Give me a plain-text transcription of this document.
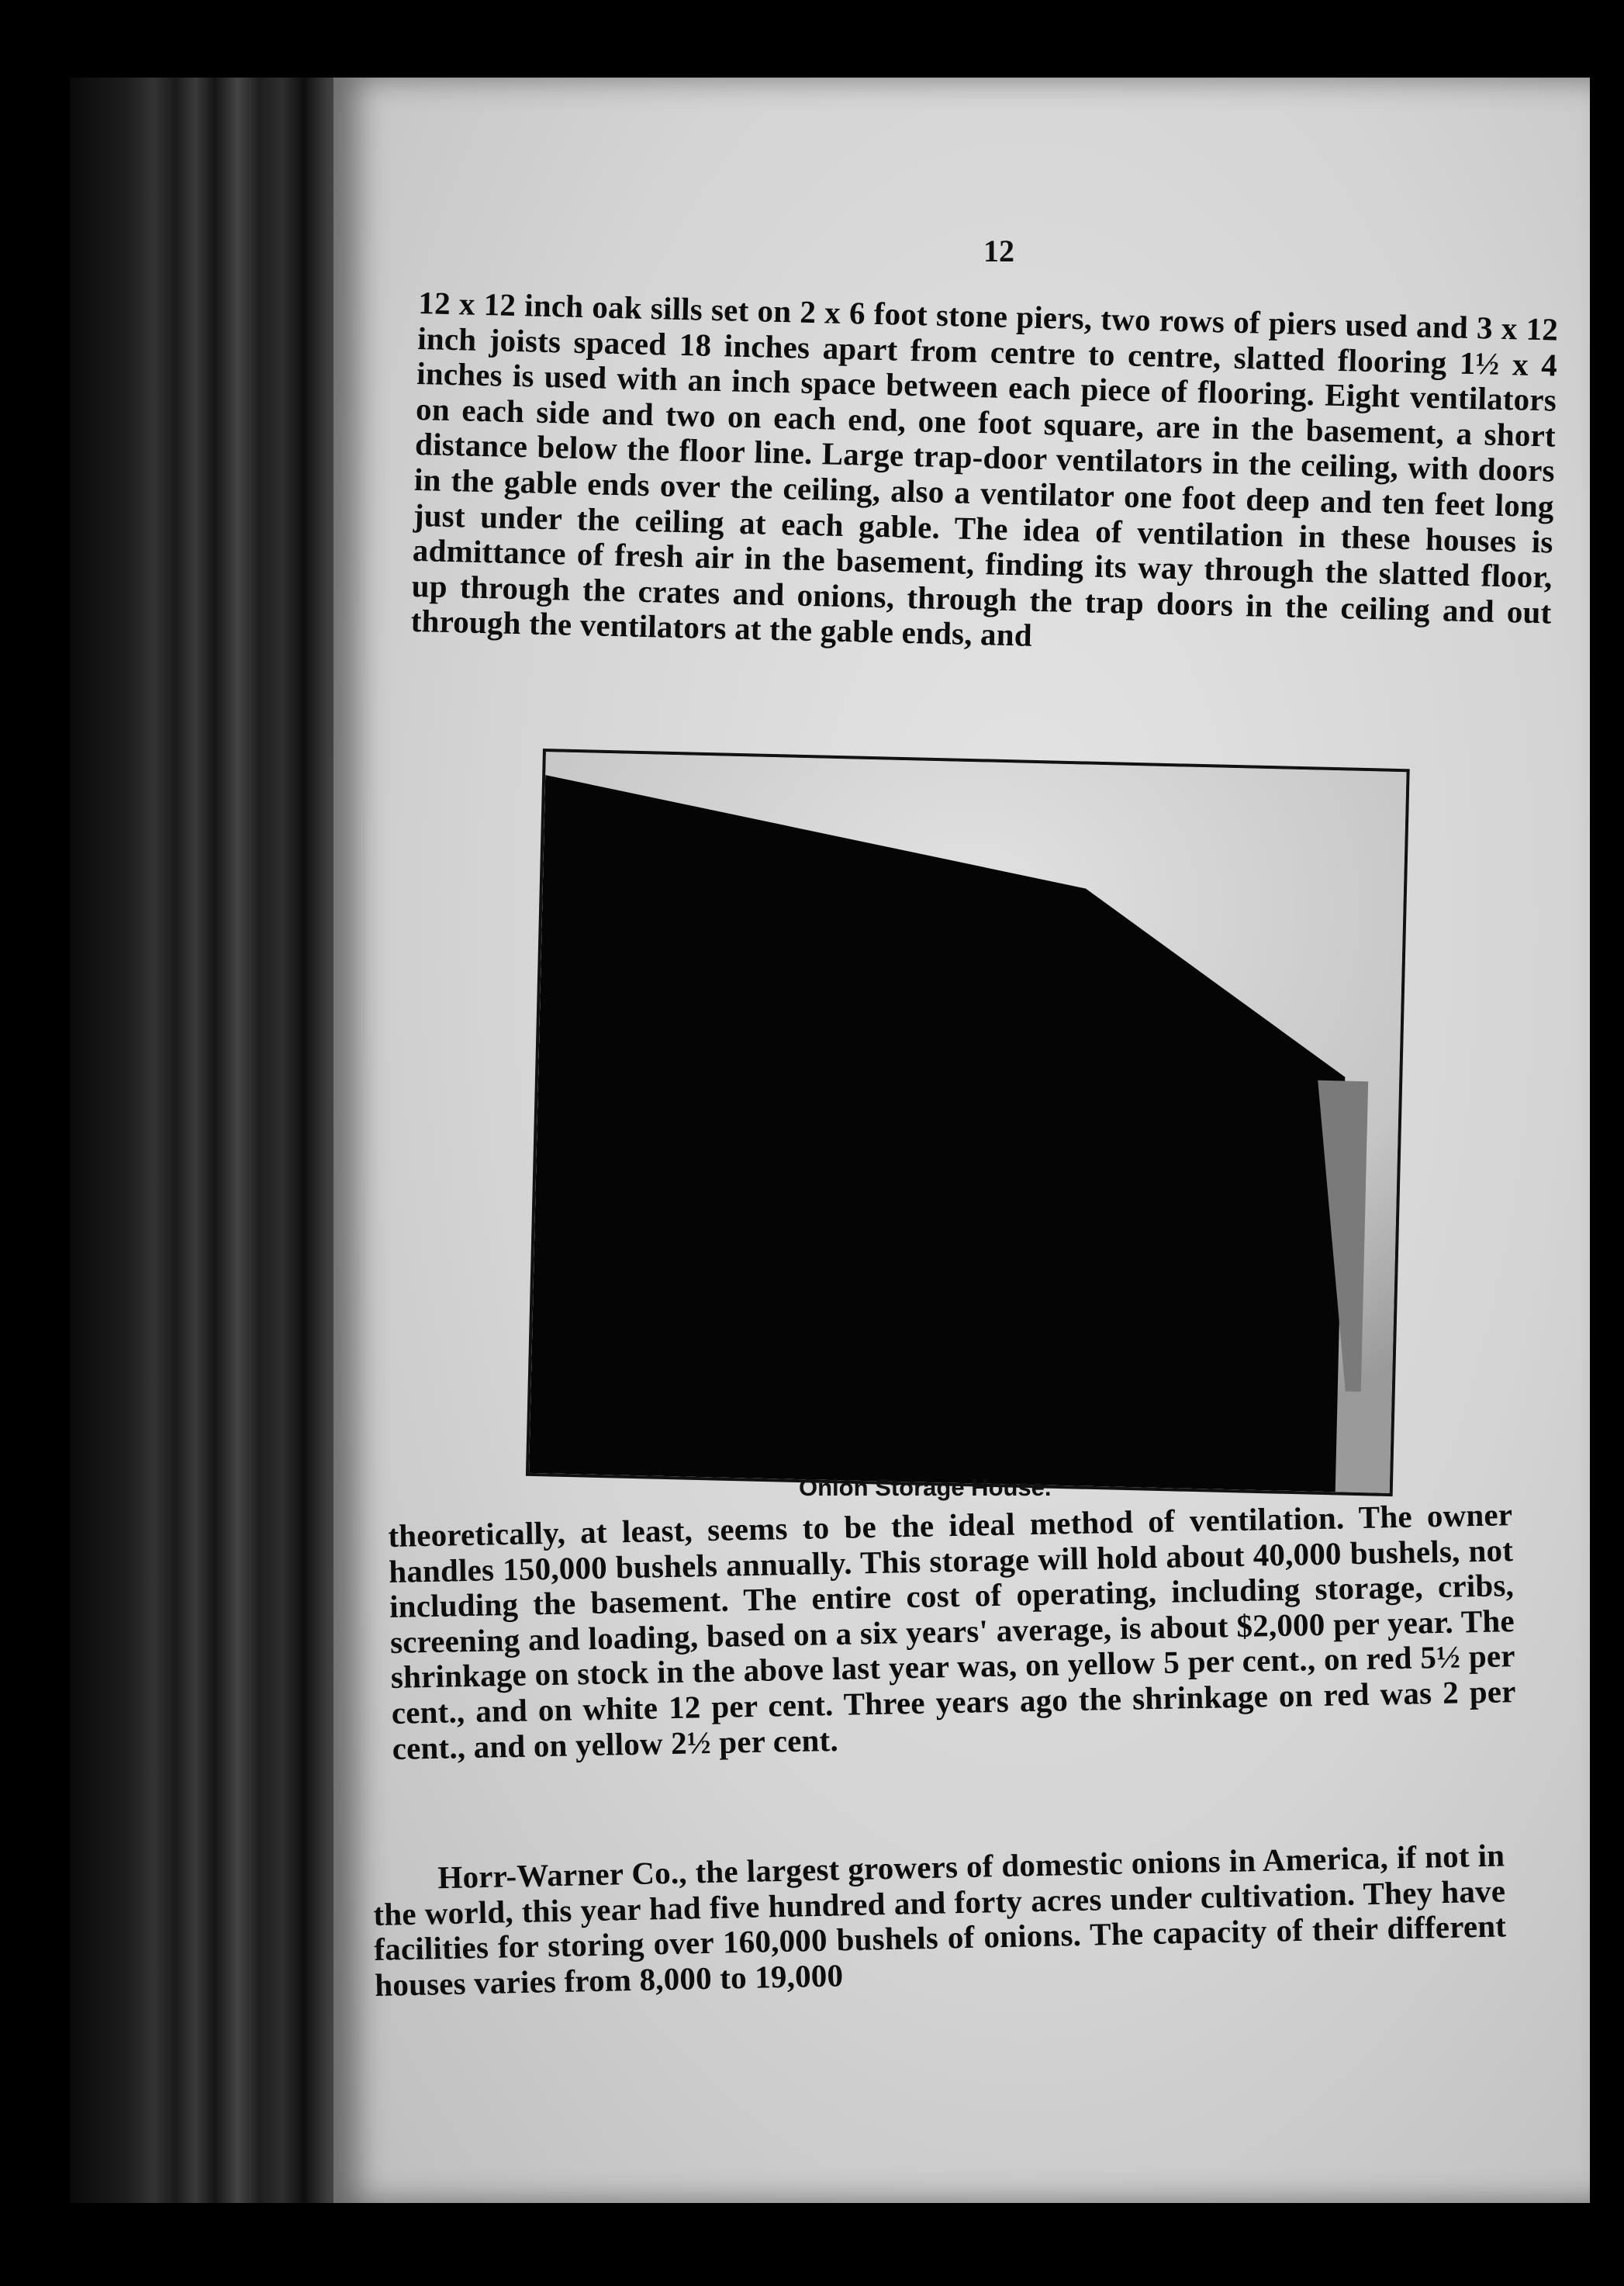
12
12 x 12 inch oak sills set on 2 x 6 foot stone piers, two rows of piers used and 3 x 12 inch joists spaced 18 inches apart from centre to centre, slatted flooring 1½ x 4 inches is used with an inch space between each piece of flooring. Eight ventilators on each side and two on each end, one foot square, are in the basement, a short distance below the floor line. Large trap-door ventilators in the ceiling, with doors in the gable ends over the ceiling, also a ventilator one foot deep and ten feet long just under the ceiling at each gable. The idea of ventilation in these houses is admittance of fresh air in the basement, finding its way through the slatted floor, up through the crates and onions, through the trap doors in the ceiling and out through the ventilators at the gable ends, and
Onion Storage House.
theoretically, at least, seems to be the ideal method of ventilation. The owner handles 150,000 bushels annually. This storage will hold about 40,000 bushels, not including the basement. The entire cost of operating, including storage, cribs, screening and loading, based on a six years' average, is about $2,000 per year. The shrinkage on stock in the above last year was, on yellow 5 per cent., on red 5½ per cent., and on white 12 per cent. Three years ago the shrinkage on red was 2 per cent., and on yellow 2½ per cent.
Horr-Warner Co., the largest growers of domestic onions in America, if not in the world, this year had five hundred and forty acres under cultivation. They have facilities for storing over 160,000 bushels of onions. The capacity of their different houses varies from 8,000 to 19,000
